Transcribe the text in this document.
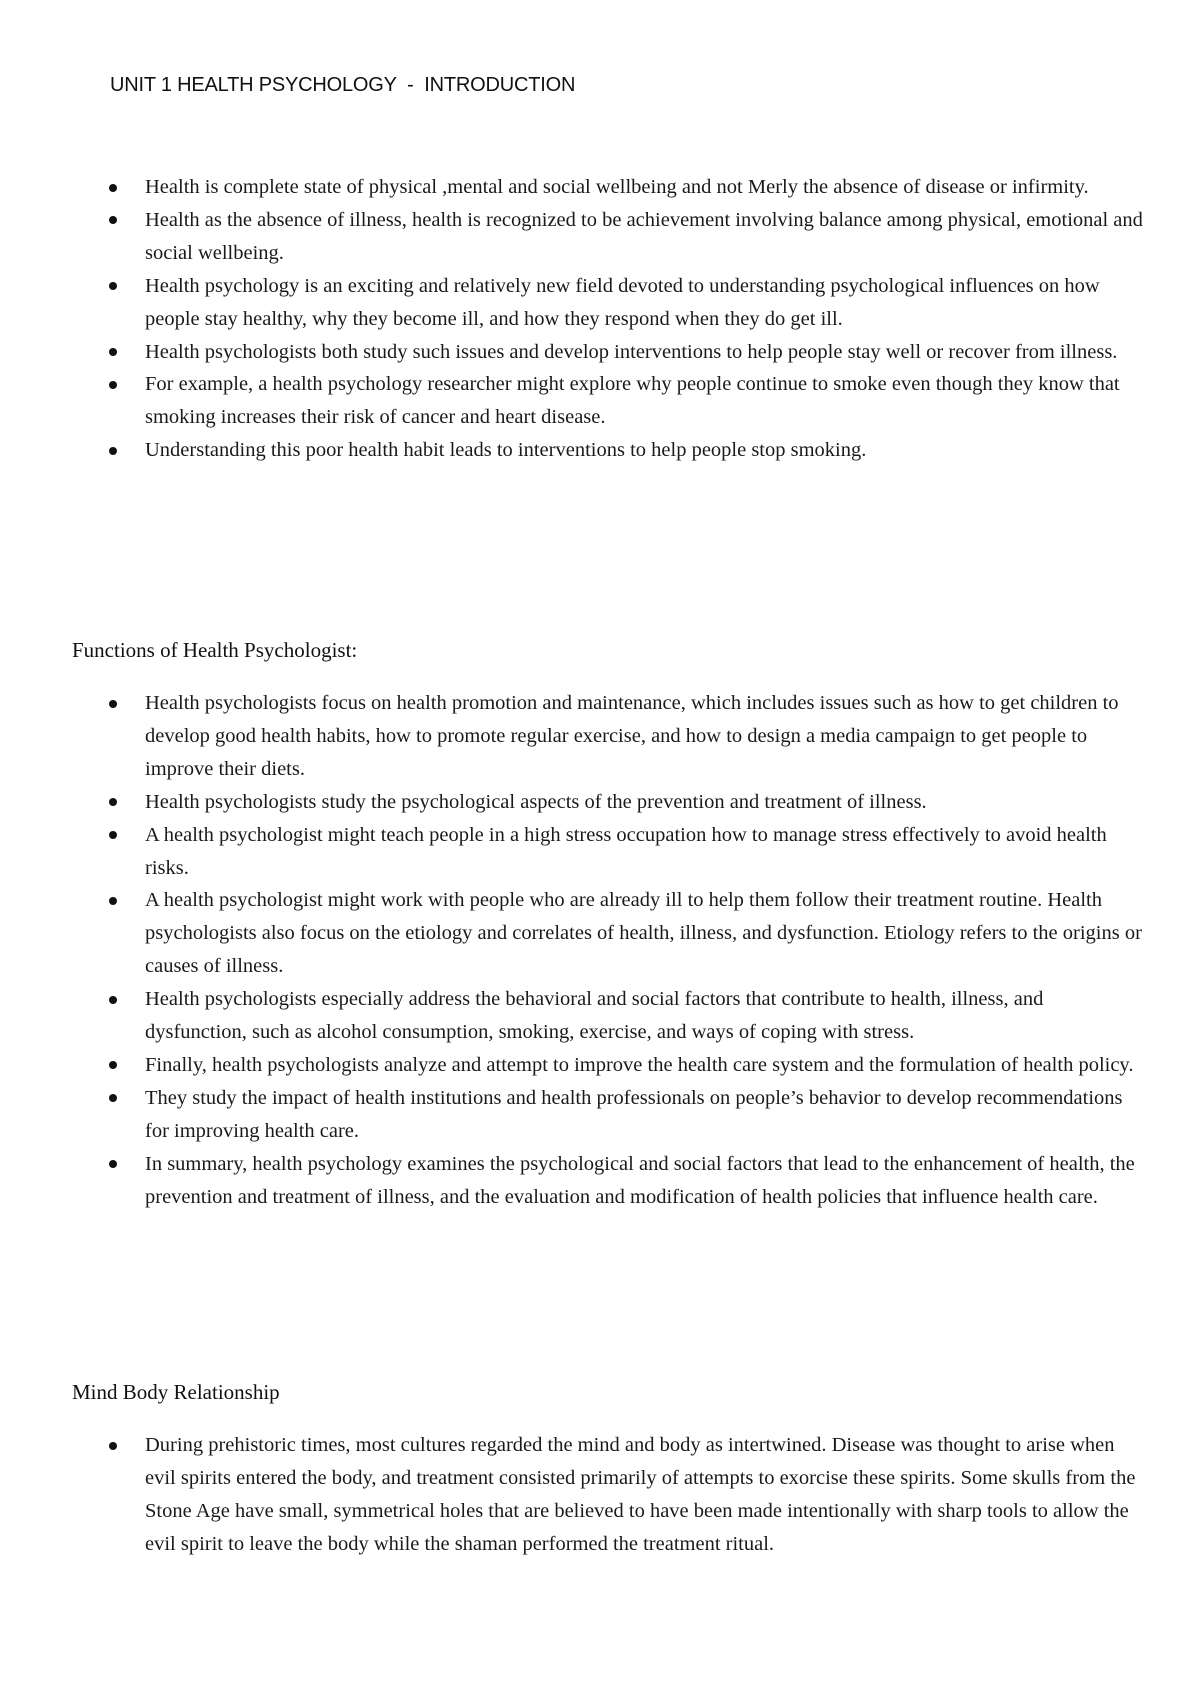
UNIT 1 HEALTH PSYCHOLOGY  -  INTRODUCTION
Health is complete state of physical ,mental and social wellbeing and not Merly the absence of disease or infirmity.
Health as the absence of illness, health is recognized to be achievement involving balance among physical, emotional and social wellbeing.
Health psychology is an exciting and relatively new field devoted to understanding psychological influences on how people stay healthy, why they become ill, and how they respond when they do get ill.
Health psychologists both study such issues and develop interventions to help people stay well or recover from illness.
For example, a health psychology researcher might explore why people continue to smoke even though they know that smoking increases their risk of cancer and heart disease.
Understanding this poor health habit leads to interventions to help people stop smoking.
Functions of Health Psychologist:
Health psychologists focus on health promotion and maintenance, which includes issues such as how to get children to develop good health habits, how to promote regular exercise, and how to design a media campaign to get people to improve their diets.
Health psychologists study the psychological aspects of the prevention and treatment of illness.
A health psychologist might teach people in a high stress occupation how to manage stress effectively to avoid health risks.
A health psychologist might work with people who are already ill to help them follow their treatment routine. Health psychologists also focus on the etiology and correlates of health, illness, and dysfunction. Etiology refers to the origins or causes of illness.
Health psychologists especially address the behavioral and social factors that contribute to health, illness, and dysfunction, such as alcohol consumption, smoking, exercise, and ways of coping with stress.
Finally, health psychologists analyze and attempt to improve the health care system and the formulation of health policy.
They study the impact of health institutions and health professionals on people’s behavior to develop recommendations for improving health care.
In summary, health psychology examines the psychological and social factors that lead to the enhancement of health, the prevention and treatment of illness, and the evaluation and modification of health policies that influence health care.
Mind Body Relationship
During prehistoric times, most cultures regarded the mind and body as intertwined. Disease was thought to arise when evil spirits entered the body, and treatment consisted primarily of attempts to exorcise these spirits. Some skulls from the Stone Age have small, symmetrical holes that are believed to have been made intentionally with sharp tools to allow the evil spirit to leave the body while the shaman performed the treatment ritual.
